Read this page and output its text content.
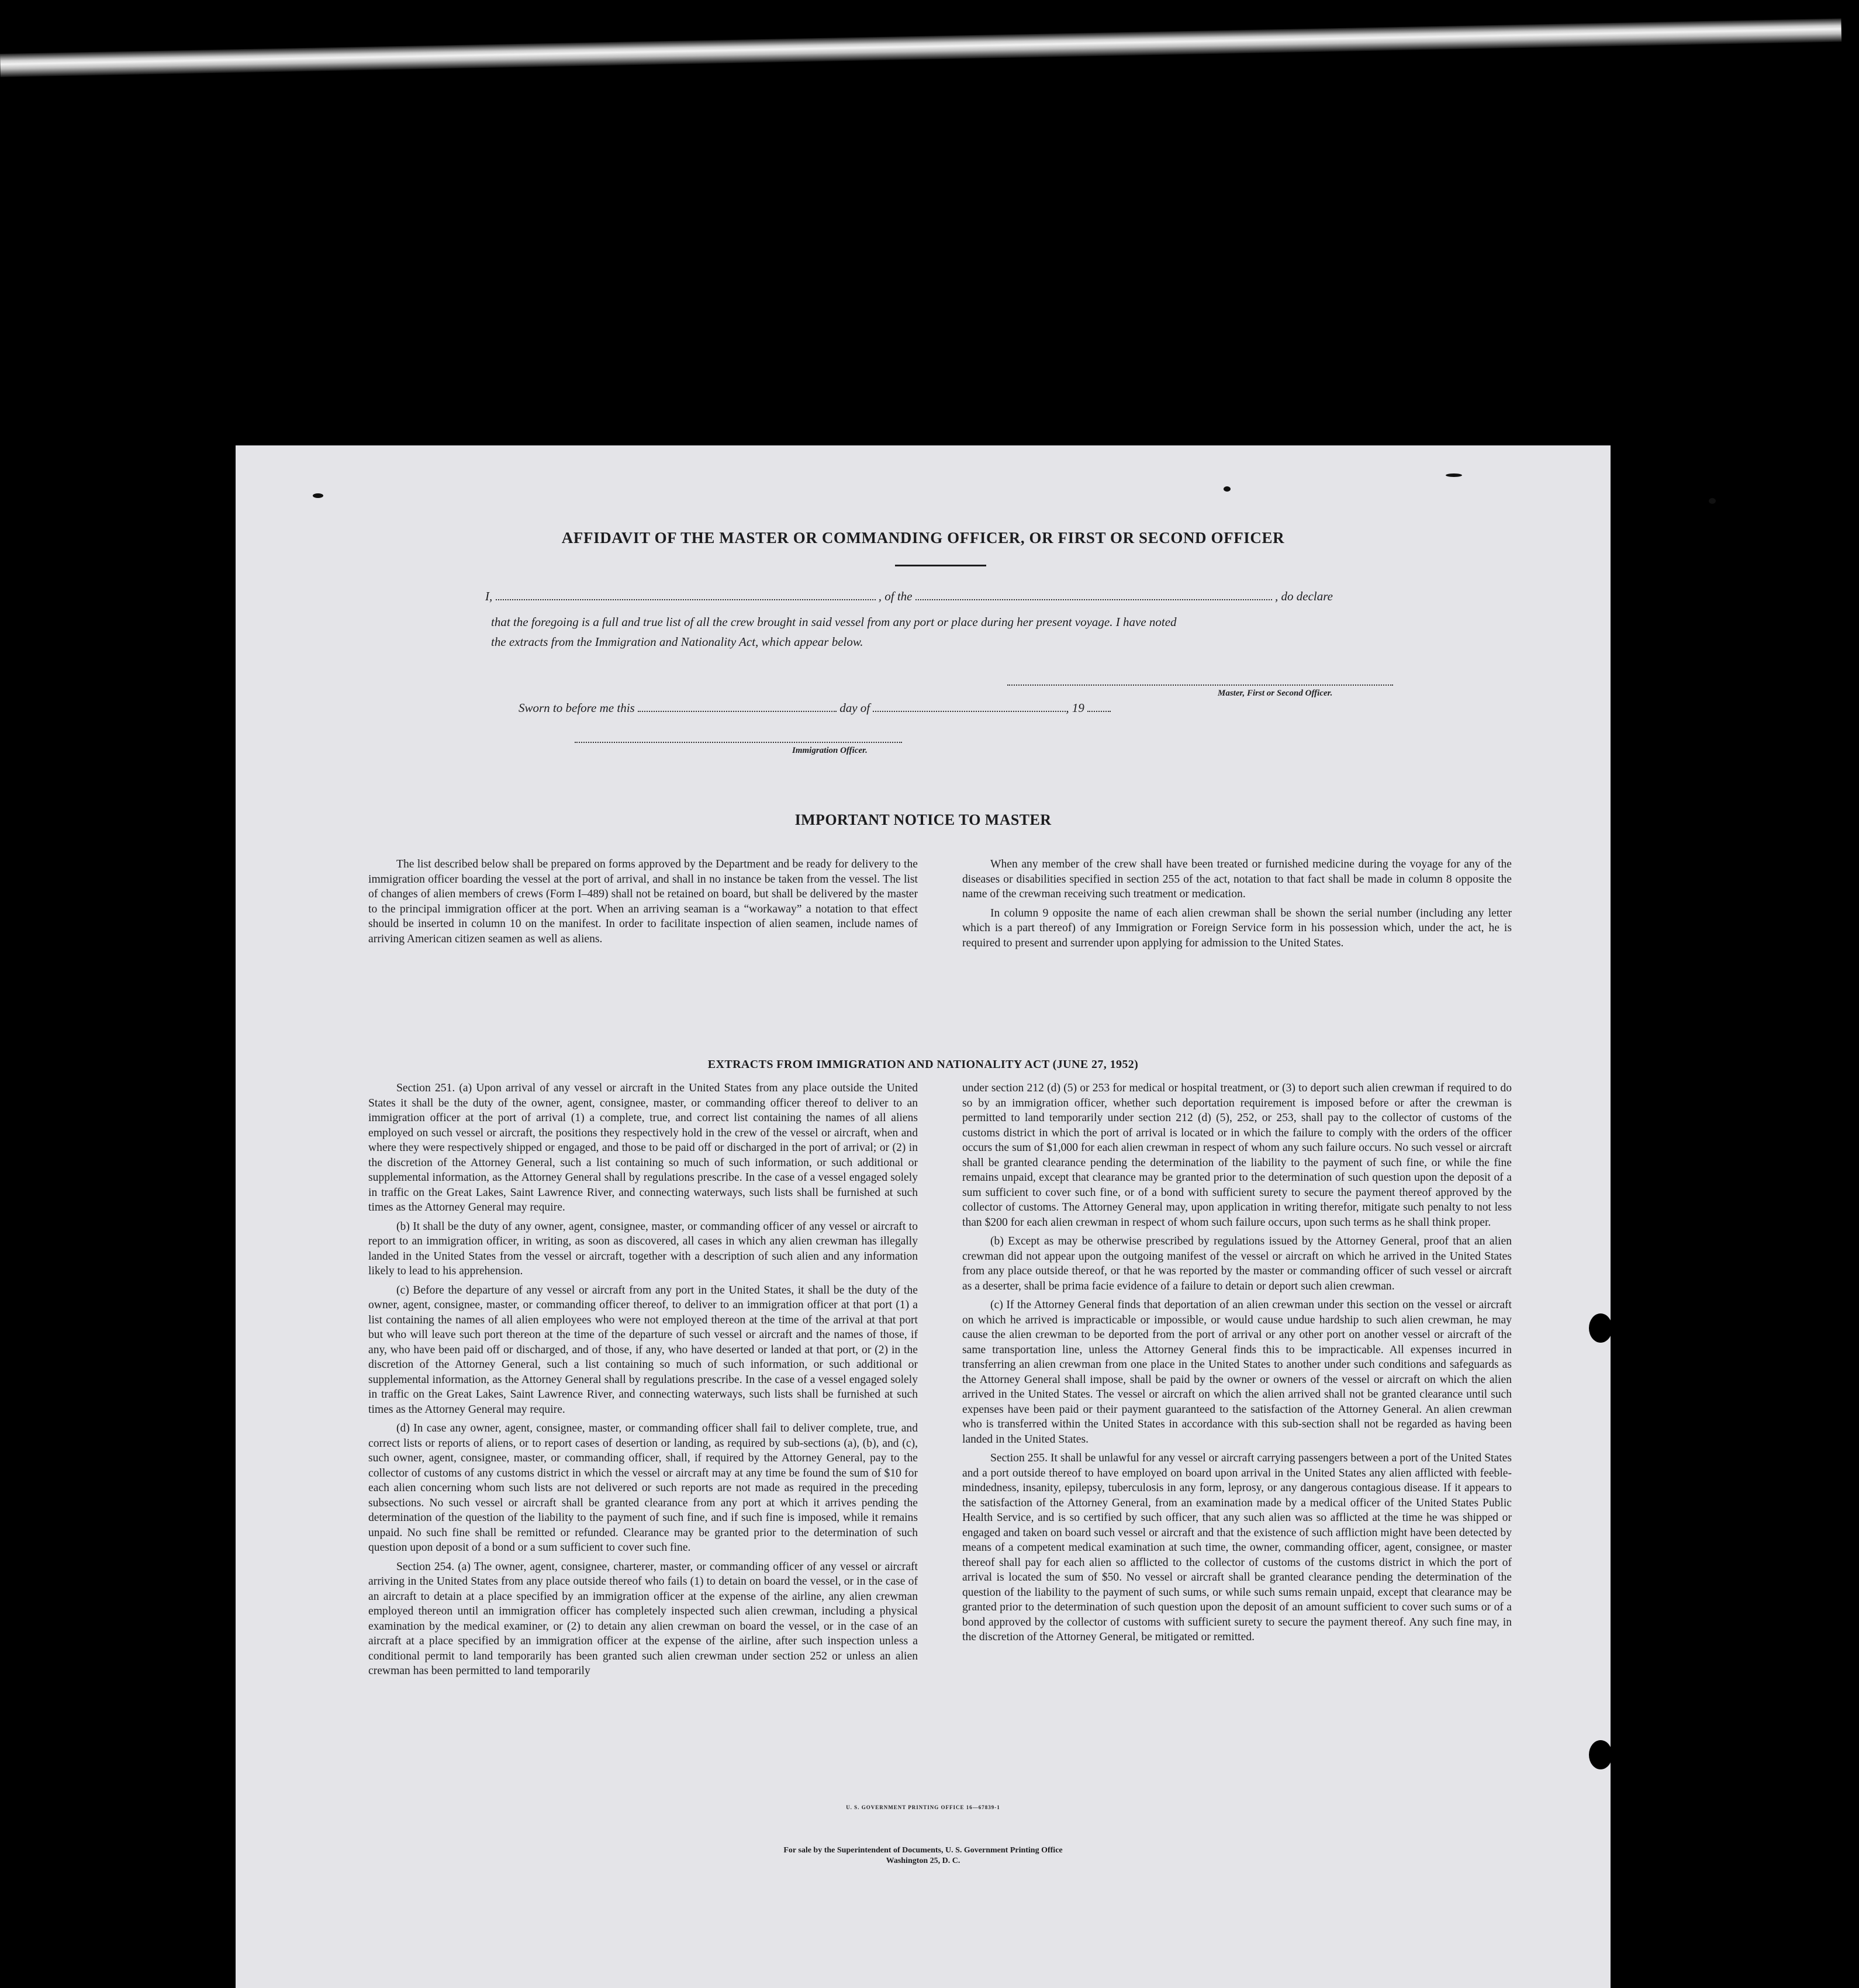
AFFIDAVIT OF THE MASTER OR COMMANDING OFFICER, OR FIRST OR SECOND OFFICER
I,	, of the	, do declare
that the foregoing is a full and true list of all the crew brought in said vessel from any port or place during her present voyage. I have noted
the extracts from the Immigration and Nationality Act, which appear below.
Master, First or Second Officer.
Sworn to before me this	day of	, 19
Immigration Officer.
IMPORTANT NOTICE TO MASTER

The list described below shall be prepared on forms approved by the Department and be ready for delivery to the immigration officer boarding the vessel at the port of arrival, and shall in no instance be taken from the vessel. The list of changes of alien members of crews (Form I–489) shall not be retained on board, but shall be delivered by the master to the principal immigration officer at the port. When an arriving seaman is a “workaway” a notation to that effect should be inserted in column 10 on the manifest. In order to facilitate inspection of alien seamen, include names of arriving American citizen seamen as well as aliens.

When any member of the crew shall have been treated or furnished medicine during the voyage for any of the diseases or disabilities specified in section 255 of the act, notation to that fact shall be made in column 8 opposite the name of the crewman receiving such treatment or medication.

In column 9 opposite the name of each alien crewman shall be shown the serial number (including any letter which is a part thereof) of any Immigration or Foreign Service form in his possession which, under the act, he is required to present and surrender upon applying for admission to the United States.

EXTRACTS FROM IMMIGRATION AND NATIONALITY ACT (JUNE 27, 1952)

Section 251. (a) Upon arrival of any vessel or aircraft in the United States from any place outside the United States it shall be the duty of the owner, agent, consignee, master, or commanding officer thereof to deliver to an immigration officer at the port of arrival (1) a complete, true, and correct list containing the names of all aliens employed on such vessel or aircraft, the positions they respectively hold in the crew of the vessel or aircraft, when and where they were respectively shipped or engaged, and those to be paid off or discharged in the port of arrival; or (2) in the discretion of the Attorney General, such a list containing so much of such information, or such additional or supplemental information, as the Attorney General shall by regulations prescribe. In the case of a vessel engaged solely in traffic on the Great Lakes, Saint Lawrence River, and connecting waterways, such lists shall be furnished at such times as the Attorney General may require.

(b) It shall be the duty of any owner, agent, consignee, master, or commanding officer of any vessel or aircraft to report to an immigration officer, in writing, as soon as discovered, all cases in which any alien crewman has illegally landed in the United States from the vessel or aircraft, together with a description of such alien and any information likely to lead to his apprehension.

(c) Before the departure of any vessel or aircraft from any port in the United States, it shall be the duty of the owner, agent, consignee, master, or commanding officer thereof, to deliver to an immigration officer at that port (1) a list containing the names of all alien employees who were not employed thereon at the time of the arrival at that port but who will leave such port thereon at the time of the departure of such vessel or aircraft and the names of those, if any, who have been paid off or discharged, and of those, if any, who have deserted or landed at that port, or (2) in the discretion of the Attorney General, such a list containing so much of such information, or such additional or supplemental information, as the Attorney General shall by regulations prescribe. In the case of a vessel engaged solely in traffic on the Great Lakes, Saint Lawrence River, and connecting waterways, such lists shall be furnished at such times as the Attorney General may require.

(d) In case any owner, agent, consignee, master, or commanding officer shall fail to deliver complete, true, and correct lists or reports of aliens, or to report cases of desertion or landing, as required by sub-sections (a), (b), and (c), such owner, agent, consignee, master, or commanding officer, shall, if required by the Attorney General, pay to the collector of customs of any customs district in which the vessel or aircraft may at any time be found the sum of $10 for each alien concerning whom such lists are not delivered or such reports are not made as required in the preceding subsections. No such vessel or aircraft shall be granted clearance from any port at which it arrives pending the determination of the question of the liability to the payment of such fine, and if such fine is imposed, while it remains unpaid. No such fine shall be remitted or refunded. Clearance may be granted prior to the determination of such question upon deposit of a bond or a sum sufficient to cover such fine.

Section 254. (a) The owner, agent, consignee, charterer, master, or commanding officer of any vessel or aircraft arriving in the United States from any place outside thereof who fails (1) to detain on board the vessel, or in the case of an aircraft to detain at a place specified by an immigration officer at the expense of the airline, any alien crewman employed thereon until an immigration officer has completely inspected such alien crewman, including a physical examination by the medical examiner, or (2) to detain any alien crewman on board the vessel, or in the case of an aircraft at a place specified by an immigration officer at the expense of the airline, after such inspection unless a conditional permit to land temporarily has been granted such alien crewman under section 252 or unless an alien crewman has been permitted to land temporarily

under section 212 (d) (5) or 253 for medical or hospital treatment, or (3) to deport such alien crewman if required to do so by an immigration officer, whether such deportation requirement is imposed before or after the crewman is permitted to land temporarily under section 212 (d) (5), 252, or 253, shall pay to the collector of customs of the customs district in which the port of arrival is located or in which the failure to comply with the orders of the officer occurs the sum of $1,000 for each alien crewman in respect of whom any such failure occurs. No such vessel or aircraft shall be granted clearance pending the determination of the liability to the payment of such fine, or while the fine remains unpaid, except that clearance may be granted prior to the determination of such question upon the deposit of a sum sufficient to cover such fine, or of a bond with sufficient surety to secure the payment thereof approved by the collector of customs. The Attorney General may, upon application in writing therefor, mitigate such penalty to not less than $200 for each alien crewman in respect of whom such failure occurs, upon such terms as he shall think proper.

(b) Except as may be otherwise prescribed by regulations issued by the Attorney General, proof that an alien crewman did not appear upon the outgoing manifest of the vessel or aircraft on which he arrived in the United States from any place outside thereof, or that he was reported by the master or commanding officer of such vessel or aircraft as a deserter, shall be prima facie evidence of a failure to detain or deport such alien crewman.

(c) If the Attorney General finds that deportation of an alien crewman under this section on the vessel or aircraft on which he arrived is impracticable or impossible, or would cause undue hardship to such alien crewman, he may cause the alien crewman to be deported from the port of arrival or any other port on another vessel or aircraft of the same transportation line, unless the Attorney General finds this to be impracticable. All expenses incurred in transferring an alien crewman from one place in the United States to another under such conditions and safeguards as the Attorney General shall impose, shall be paid by the owner or owners of the vessel or aircraft on which the alien arrived in the United States. The vessel or aircraft on which the alien arrived shall not be granted clearance until such expenses have been paid or their payment guaranteed to the satisfaction of the Attorney General. An alien crewman who is transferred within the United States in accordance with this sub-section shall not be regarded as having been landed in the United States.

Section 255. It shall be unlawful for any vessel or aircraft carrying passengers between a port of the United States and a port outside thereof to have employed on board upon arrival in the United States any alien afflicted with feeble-mindedness, insanity, epilepsy, tuberculosis in any form, leprosy, or any dangerous contagious disease. If it appears to the satisfaction of the Attorney General, from an examination made by a medical officer of the United States Public Health Service, and is so certified by such officer, that any such alien was so afflicted at the time he was shipped or engaged and taken on board such vessel or aircraft and that the existence of such affliction might have been detected by means of a competent medical examination at such time, the owner, commanding officer, agent, consignee, or master thereof shall pay for each alien so afflicted to the collector of customs of the customs district in which the port of arrival is located the sum of $50. No vessel or aircraft shall be granted clearance pending the determination of the question of the liability to the payment of such sums, or while such sums remain unpaid, except that clearance may be granted prior to the determination of such question upon the deposit of an amount sufficient to cover such sums or of a bond approved by the collector of customs with sufficient surety to secure the payment thereof. Any such fine may, in the discretion of the Attorney General, be mitigated or remitted.

U. S. GOVERNMENT PRINTING OFFICE 16—67839-1
For sale by the Superintendent of Documents, U. S. Government Printing Office
Washington 25, D. C.
